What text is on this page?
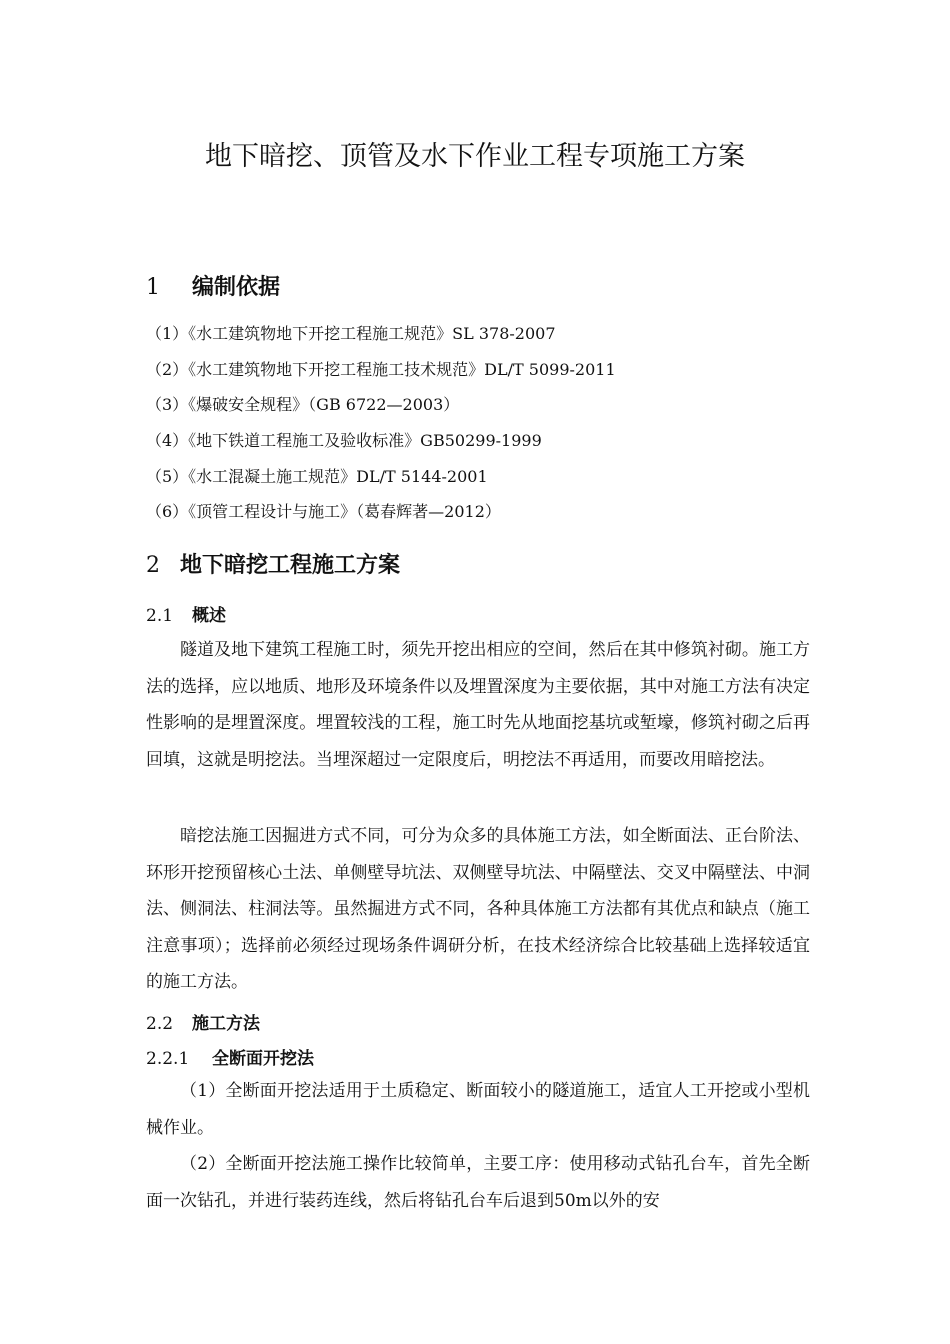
地下暗挖、顶管及水下作业工程专项施工方案
1 编制依据
（1）《水工建筑物地下开挖工程施工规范》SL 378-2007
（2）《水工建筑物地下开挖工程施工技术规范》DL/T 5099-2011
（3）《爆破安全规程》（GB 6722—2003）
（4）《地下铁道工程施工及验收标准》GB50299-1999
（5）《水工混凝土施工规范》DL/T 5144-2001
（6）《顶管工程设计与施工》（葛春辉著—2012）
2 地下暗挖工程施工方案
2.1 概述

隧道及地下建筑工程施工时，须先开挖出相应的空间，然后在其中修筑衬砌。施工方法的选择，应以地质、地形及环境条件以及埋置深度为主要依据，其中对施工方法有决定性影响的是埋置深度。埋置较浅的工程，施工时先从地面挖基坑或堑壕，修筑衬砌之后再回填，这就是明挖法。当埋深超过一定限度后，明挖法不再适用，而要改用暗挖法。

暗挖法施工因掘进方式不同，可分为众多的具体施工方法，如全断面法、正台阶法、环形开挖预留核心土法、单侧壁导坑法、双侧壁导坑法、中隔壁法、交叉中隔壁法、中洞法、侧洞法、柱洞法等。虽然掘进方式不同，各种具体施工方法都有其优点和缺点（施工注意事项）；选择前必须经过现场条件调研分析，在技术经济综合比较基础上选择较适宜的施工方法。

2.2 施工方法
2.2.1 全断面开挖法

（1）全断面开挖法适用于土质稳定、断面较小的隧道施工，适宜人工开挖或小型机械作业。

（2）全断面开挖法施工操作比较简单，主要工序：使用移动式钻孔台车，首先全断面一次钻孔，并进行装药连线，然后将钻孔台车后退到50m以外的安
